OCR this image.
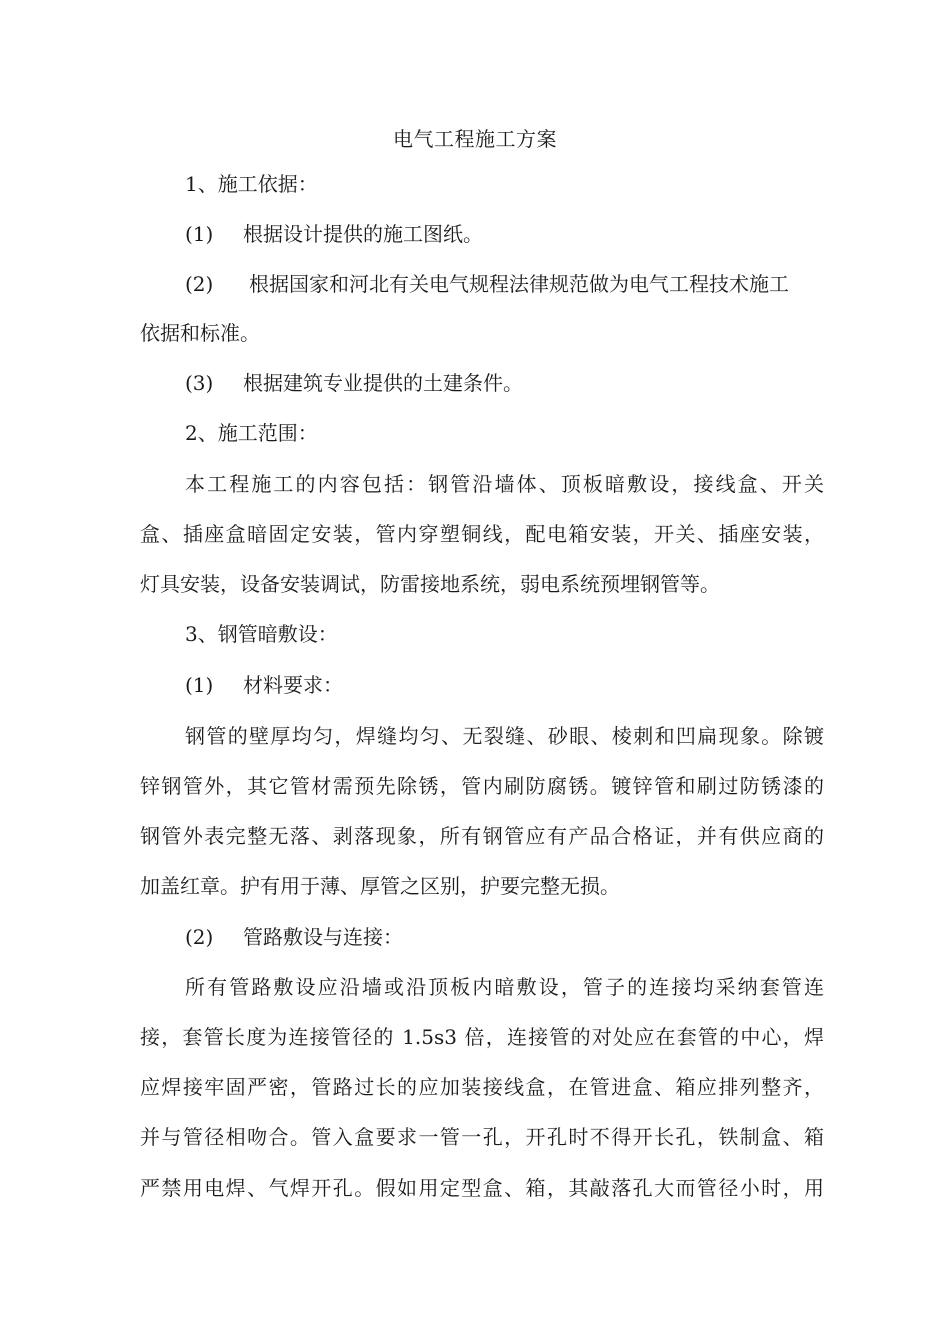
电气工程施工方案
1、施工依据：
(1) 根据设计提供的施工图纸。
(2) 根据国家和河北有关电气规程法律规范做为电气工程技术施工
依据和标准。
(3) 根据建筑专业提供的土建条件。
2、施工范围：
本工程施工的内容包括：钢管沿墙体、顶板暗敷设，接线盒、开关
盒、插座盒暗固定安装，管内穿塑铜线，配电箱安装，开关、插座安装，
灯具安装，设备安装调试，防雷接地系统，弱电系统预埋钢管等。
3、钢管暗敷设：
(1) 材料要求：
钢管的壁厚均匀，焊缝均匀、无裂缝、砂眼、棱刺和凹扁现象。除镀
锌钢管外，其它管材需预先除锈，管内刷防腐锈。镀锌管和刷过防锈漆的
钢管外表完整无落、剥落现象，所有钢管应有产品合格证，并有供应商的
加盖红章。护有用于薄、厚管之区别，护要完整无损。
(2) 管路敷设与连接：
所有管路敷设应沿墙或沿顶板内暗敷设，管子的连接均采纳套管连
接，套管长度为连接管径的 1.5s3 倍，连接管的对处应在套管的中心，焊
应焊接牢固严密，管路过长的应加装接线盒，在管进盒、箱应排列整齐，
并与管径相吻合。管入盒要求一管一孔，开孔时不得开长孔，铁制盒、箱
严禁用电焊、气焊开孔。假如用定型盒、箱，其敲落孔大而管径小时，用
